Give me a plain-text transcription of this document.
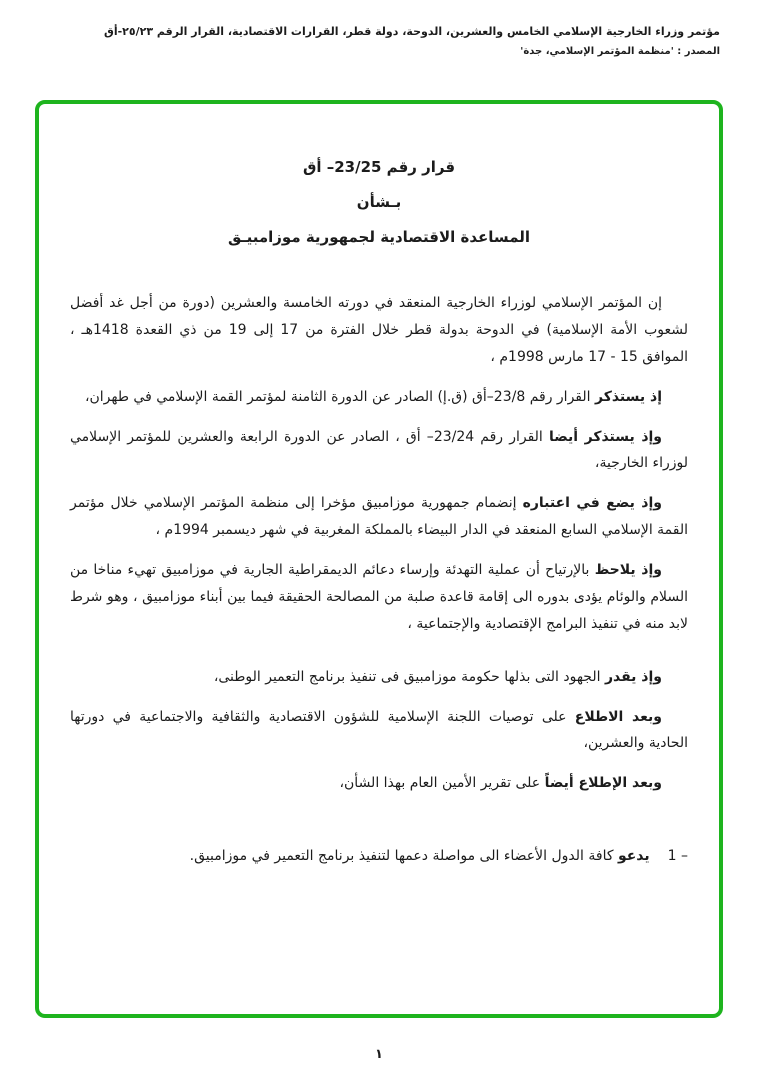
مؤتمر وزراء الخارجية الإسلامي الخامس والعشرين، الدوحة، دولة قطر، القرارات الاقتصادية، القرار الرقم ٢٥/٢٣-أق
المصدر : 'منظمة المؤتمر الإسلامي، جدة'
قرار رقم 23/25– أق
بـشأن
المساعدة الاقتصادية لجمهورية موزامبيـق

إن المؤتمر الإسلامي لوزراء الخارجية المنعقد في دورته الخامسة والعشرين (دورة من أجل غد أفضل لشعوب الأمة الإسلامية) في الدوحة بدولة قطر خلال الفترة من 17 إلى 19 من ذي القعدة 1418هـ ، الموافق 15 - 17 مارس 1998م ،

إذ يستذكر القرار رقم 23/8–أق (ق.إ) الصادر عن الدورة الثامنة لمؤتمر القمة الإسلامي في طهران،

وإذ يستذكر أيضا القرار رقم 23/24– أق ، الصادر عن الدورة الرابعة والعشرين للمؤتمر الإسلامي لوزراء الخارجية،

وإذ يضع في اعتباره إنضمام جمهورية موزامبيق مؤخرا إلى منظمة المؤتمر الإسلامي خلال مؤتمر القمة الإسلامي السابع المنعقد في الدار البيضاء بالمملكة المغربية في شهر ديسمبر 1994م ،

وإذ يلاحظ بالإرتياح أن عملية التهدئة وإرساء دعائم الديمقراطية الجارية في موزامبيق تهيء مناخا من السلام والوئام يؤدى بدوره الى إقامة قاعدة صلبة من المصالحة الحقيقة فيما بين أبناء موزامبيق ، وهو شرط لابد منه في تنفيذ البرامج الإقتصادية والإجتماعية ،

وإذ يقدر الجهود التى بذلها حكومة موزامبيق فى تنفيذ برنامج التعمير الوطنى،

وبعد الاطلاع على توصيات اللجنة الإسلامية للشؤون الاقتصادية والثقافية والاجتماعية في دورتها الحادية والعشرين،

وبعد الإطلاع أيضاً على تقرير الأمين العام بهذا الشأن،

1 –يدعو كافة الدول الأعضاء الى مواصلة دعمها لتنفيذ برنامج التعمير في موزامبيق.

١
